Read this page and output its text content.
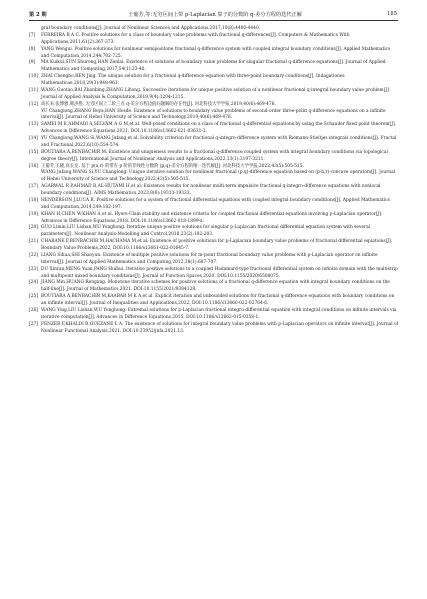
第 2 期	王葡芳,等:无穷区间上带 p-Laplacian 算子的分数阶 q-差分方程的迭代正解	185
gral boundary conditions[J]. Journal of Nonlinear Sciences and Applications,2017,10(8):4400-4440.
[7] FERREIRA R A C. Positive solutions for a class of boundary value problems with fractional q-differences[J]. Computers & Mathematics With Applications,2011,61(2):367-373.
[8] YANG Wengui. Positive solutions for nonlinear semipositone fractional q-difference system with coupled integral boundary conditions[J]. Applied Mathematics and Computation,2014,244:702-725.
[9] MA Kuikui,SUN Shurong,HAN Zenlai. Existence of solutions of boundary value problems for singular fractional q-difference equations[J]. Journal of Applied Mathematics and Computing,2017,54(1):23-40.
[10] ZHAI Chengbo,REN Jing. The unique solution for a fractional q-difference equation with three-point boundary conditions[J]. Indagationes Mathematicae,2018,29(3):948-961.
[11] WANG Guotao,BAI Zhanbing,ZHANG Lihong. Successive iterations for unique positive solution of a nonlinear fractional q-integral boundary value problem[J]. Journal of Applied Analysis & Computation,2019,9(4):1204-1215.
[12] 高长来,张博雅,韩洪胜. 无穷区间上二阶三点 q-差分方程边值问题解的存在性[J]. 河北科技大学学报,2019,40(6):469-476.
YU Changlong,ZHANG Boya,HAN Hosde. Existence of solutions to boundary value problems of second-order three-point q-difference equations on a infinite interval[J]. Journal of Hebei University of Science and Technology,2019,40(6):469-476.
[13] SAMEI M E,AHMADI A,SELVAM A G M,et al. Well-posed conditions on a class of fractional q-differential equations by using the Schauder fixed point theorem[J]. Advances in Difference Equations,2021. DOI:10.1186/s13662-021-03631-2.
[14] YU Changlong,WANG Si,WANG Jufang,et al. Solvability criterion for fractional q-integro-difference system with Riemann-Stieltjes integrals conditions[J]. Fractal and Fractional,2022,6(10):554-574.
[15] BOUTIARA A,BENBACHIR M. Existence and uniqueness results to a fractional q-difference coupled system with integral boundary conditions via topological degree theory[J]. International Journal of Nonlinear Analysis and Applications,2022,13(1):3197-3211.
[16] 王葡芳,王晓,高长龙. 基于 p(a,r) 的带有 p 阶的非线性分数阶 (p,q)-差分方程的唯一迭代解[J]. 河北科技大学学报,2022,43(5):505-515.
WANG Jufang,WANG Si,YU Changlong. Unique iterative solution for nonlinear fractional (p,q)-difference equation based on (p-h,r)-concave operators[J]. Journal of Hebei University of Science and Technology,2022,43(5):505-515.
[17] AGARWAL R P,AHMAD B,AL-HUTAMI H,et al. Existence results for nonlinear multi-term impulsive fractional q-integro-difference equations with nonlocal boundary conditions[J]. AIMS Mathematics,2023,8(8):19313-19333.
[18] HENDERSON J,LUCA R. Positive solutions for a system of fractional differential equations with coupled integral boundary conditions[J]. Applied Mathematics and Computation,2014,249:182-197.
[19] KHAN H,CHEN W,KHAN A,et al. Hyers-Ulam stability and existence criteria for coupled fractional differential equations involving p-Laplacian operator[J]. Advances in Difference Equations,2018. DOI:10.1186/s13662-018-1899-x.
[20] GUO Limin,LIU Lishan,WU Yonghong. Iterative unique positive solutions for singular p-Laplacian fractional differential equation system with several parameters[J]. Nonlinear Analysis-Modelling and Control,2018,23(2):182-203.
[21] CHABANE F,BENBACHIR M,HACHAMA M,et al. Existence of positive solutions for p-Laplacian boundary value problems of fractional differential equations[J]. Boundary Value Problems,2022. DOI:10.1186/s13661-022-01645-7.
[22] LIANG Sihua,SHI Shaoyun. Existence of multiple positive solutions for m-point fractional boundary value problems with p-Laplacian operator on infinite interval[J]. Journal of Applied Mathematics and Computing,2012,38(1):687-707.
[23] DU Xinran,MENG Yuan,PANG Huihui. Iterative positive solutions to a coupled Hadamard-type fractional differential system on infinite domain with the multistrip and multipoint mixed boundary conditions[J]. Journal of Function Spaces,2020. DOI:10.1155/2020/6508075.
[24] JIANG Min,HUANG Rengang. Monotone iterative schemes for positive solutions of a fractional q-difference equation with integral boundary conditions on the half-line[J]. Journal of Mathematics,2021. DOI:10.1155/2021/9384128.
[25] BOUTIARA A,BENBACHIR M,KAABAR M K A,et al. Explicit iteration and unbounded solutions for fractional q-difference equations with boundary conditions on an infinite interval[J]. Journal of Inequalities and Applications,2022. DOI:10.1186/s13660-022-02764-6.
[26] WANG Ying,LIU Lishan,WU Yonghong. Extremal solutions for p-Laplacian fractional integro-differential equation with integral conditions on infinite intervals via iterative computation[J]. Advances in Difference Equations,2015. DOI:10.1186/s13662-015-0358-1.
[27] FENZER F,KHALDI R,GUEZANE L A. The existence of solutions for integral boundary value problems with p-Laplacian operators on infinite interval[J]. Journal of Nonlinear Functional Analysis,2021. DOI:10.23952/jnfa.2021.13.
